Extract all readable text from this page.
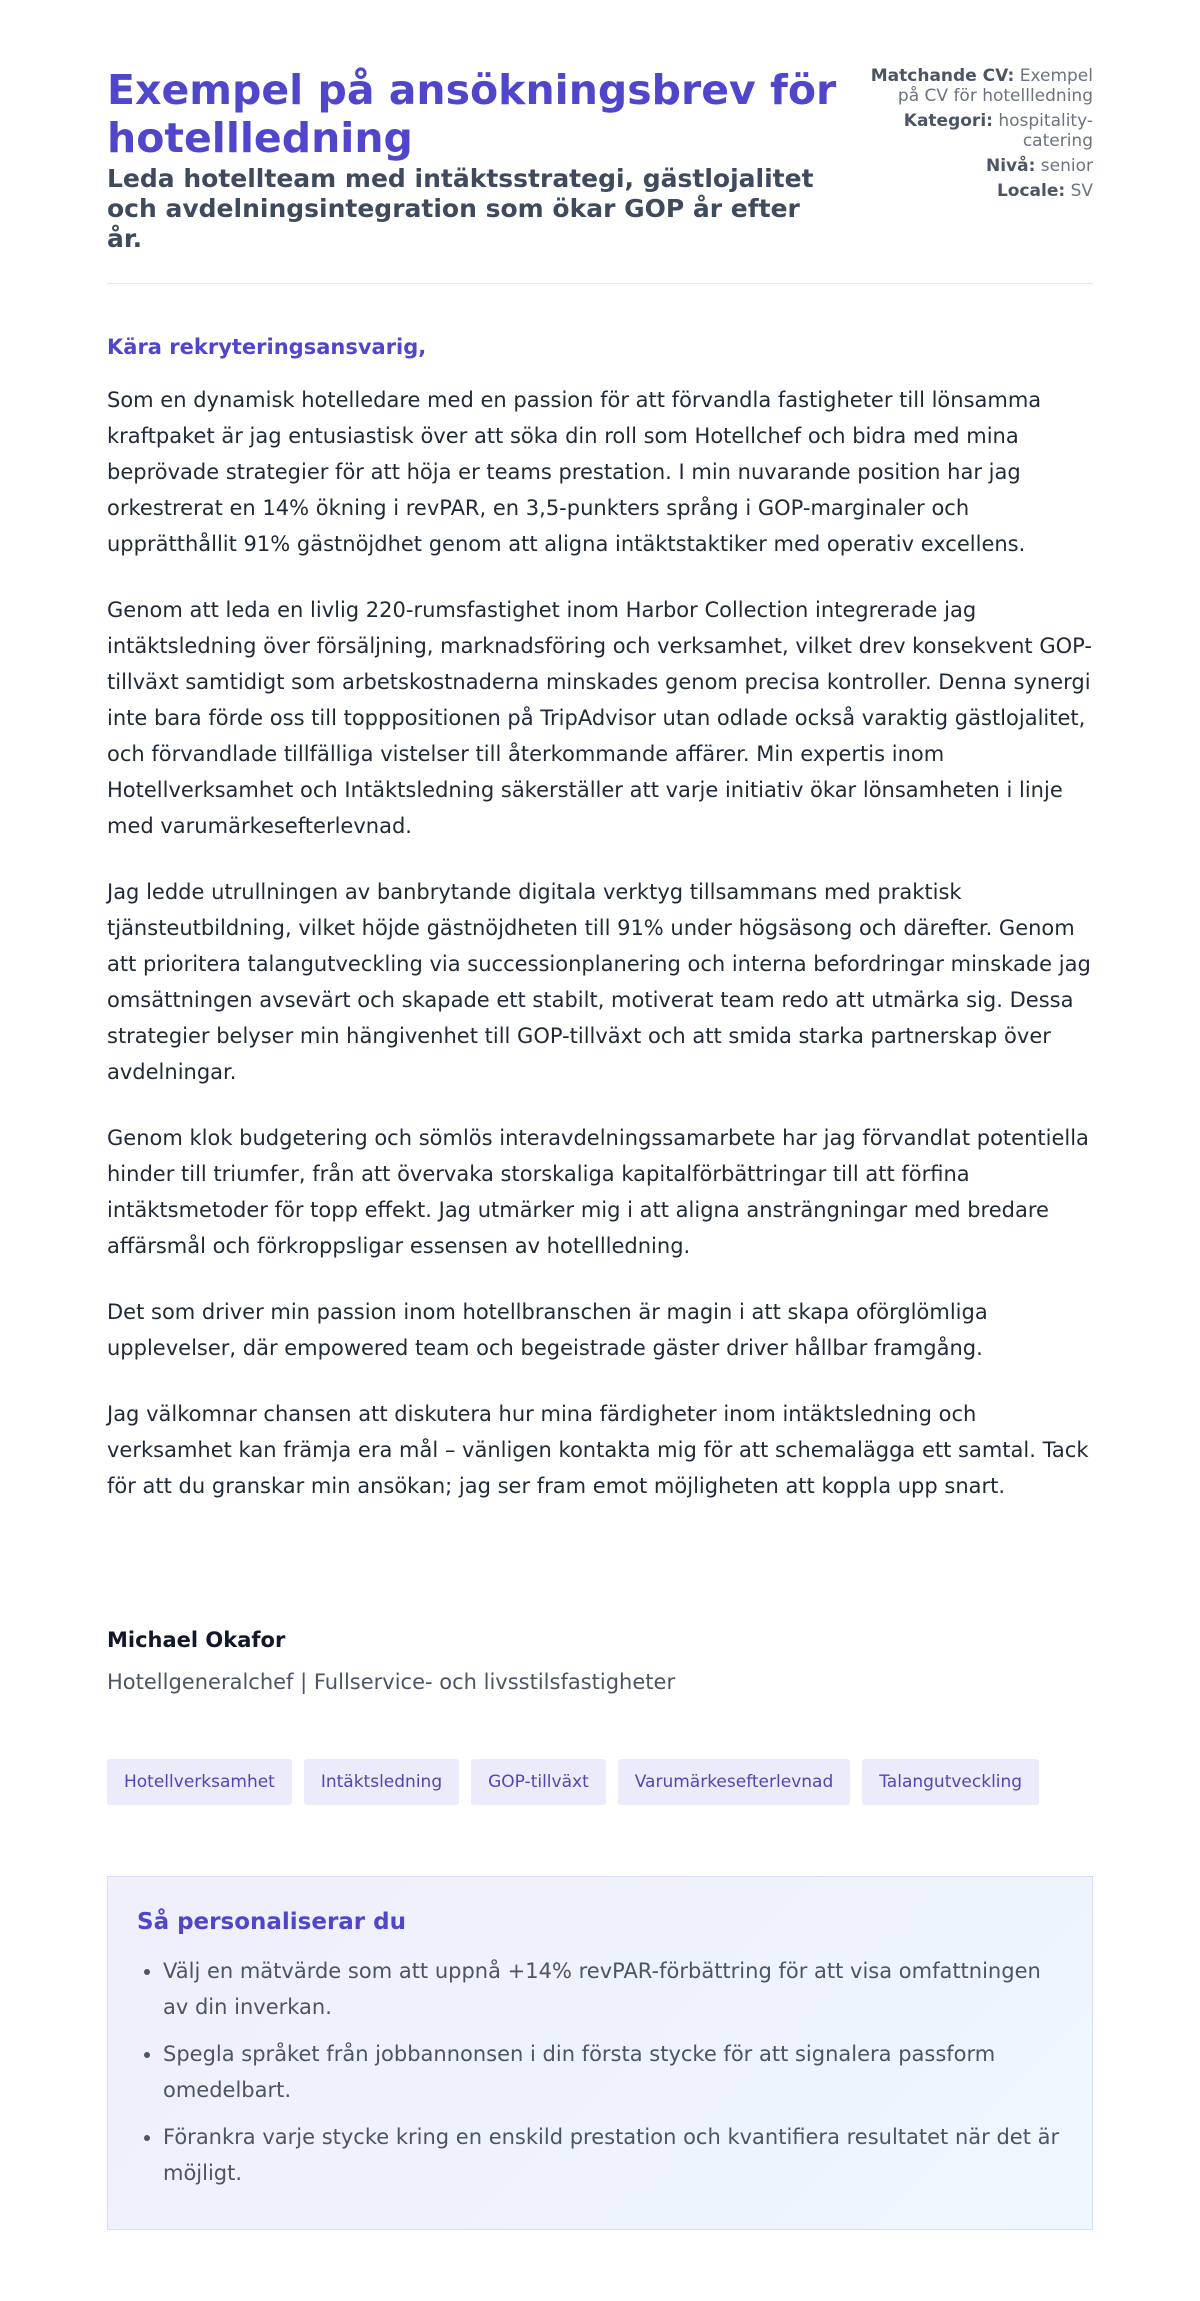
Exempel på ansökningsbrev för hotellledning
Leda hotellteam med intäktsstrategi, gästlojalitet och avdelningsintegration som ökar GOP år efter år.
Matchande CV: Exempel på CV för hotellledning
Kategori: hospitality-catering
Nivå: senior
Locale: SV

Kära rekryteringsansvarig,

Som en dynamisk hotelledare med en passion för att förvandla fastigheter till lönsamma kraftpaket är jag entusiastisk över att söka din roll som Hotellchef och bidra med mina beprövade strategier för att höja er teams prestation. I min nuvarande position har jag orkestrerat en 14% ökning i revPAR, en 3,5-punkters språng i GOP-marginaler och upprätthållit 91% gästnöjdhet genom att aligna intäktstaktiker med operativ excellens.

Genom att leda en livlig 220-rumsfastighet inom Harbor Collection integrerade jag intäktsledning över försäljning, marknadsföring och verksamhet, vilket drev konsekvent GOP-tillväxt samtidigt som arbetskostnaderna minskades genom precisa kontroller. Denna synergi inte bara förde oss till topppositionen på TripAdvisor utan odlade också varaktig gästlojalitet, och förvandlade tillfälliga vistelser till återkommande affärer. Min expertis inom Hotellverksamhet och Intäktsledning säkerställer att varje initiativ ökar lönsamheten i linje med varumärkesefterlevnad.

Jag ledde utrullningen av banbrytande digitala verktyg tillsammans med praktisk tjänsteutbildning, vilket höjde gästnöjdheten till 91% under högsäsong och därefter. Genom att prioritera talangutveckling via successionplanering och interna befordringar minskade jag omsättningen avsevärt och skapade ett stabilt, motiverat team redo att utmärka sig. Dessa strategier belyser min hängivenhet till GOP-tillväxt och att smida starka partnerskap över avdelningar.

Genom klok budgetering och sömlös interavdelningssamarbete har jag förvandlat potentiella hinder till triumfer, från att övervaka storskaliga kapitalförbättringar till att förfina intäktsmetoder för topp effekt. Jag utmärker mig i att aligna ansträngningar med bredare affärsmål och förkroppsligar essensen av hotellledning.

Det som driver min passion inom hotellbranschen är magin i att skapa oförglömliga upplevelser, där empowered team och begeistrade gäster driver hållbar framgång.

Jag välkomnar chansen att diskutera hur mina färdigheter inom intäktsledning och verksamhet kan främja era mål – vänligen kontakta mig för att schemalägga ett samtal. Tack för att du granskar min ansökan; jag ser fram emot möjligheten att koppla upp snart.

Michael Okafor
Hotellgeneralchef | Fullservice- och livsstilsfastigheter
Hotellverksamhet	Intäktsledning	GOP-tillväxt	Varumärkesefterlevnad	Talangutveckling
Så personaliserar du
• Välj en mätvärde som att uppnå +14% revPAR-förbättring för att visa omfattningen av din inverkan.
• Spegla språket från jobbannonsen i din första stycke för att signalera passform omedelbart.
• Förankra varje stycke kring en enskild prestation och kvantifiera resultatet när det är möjligt.
